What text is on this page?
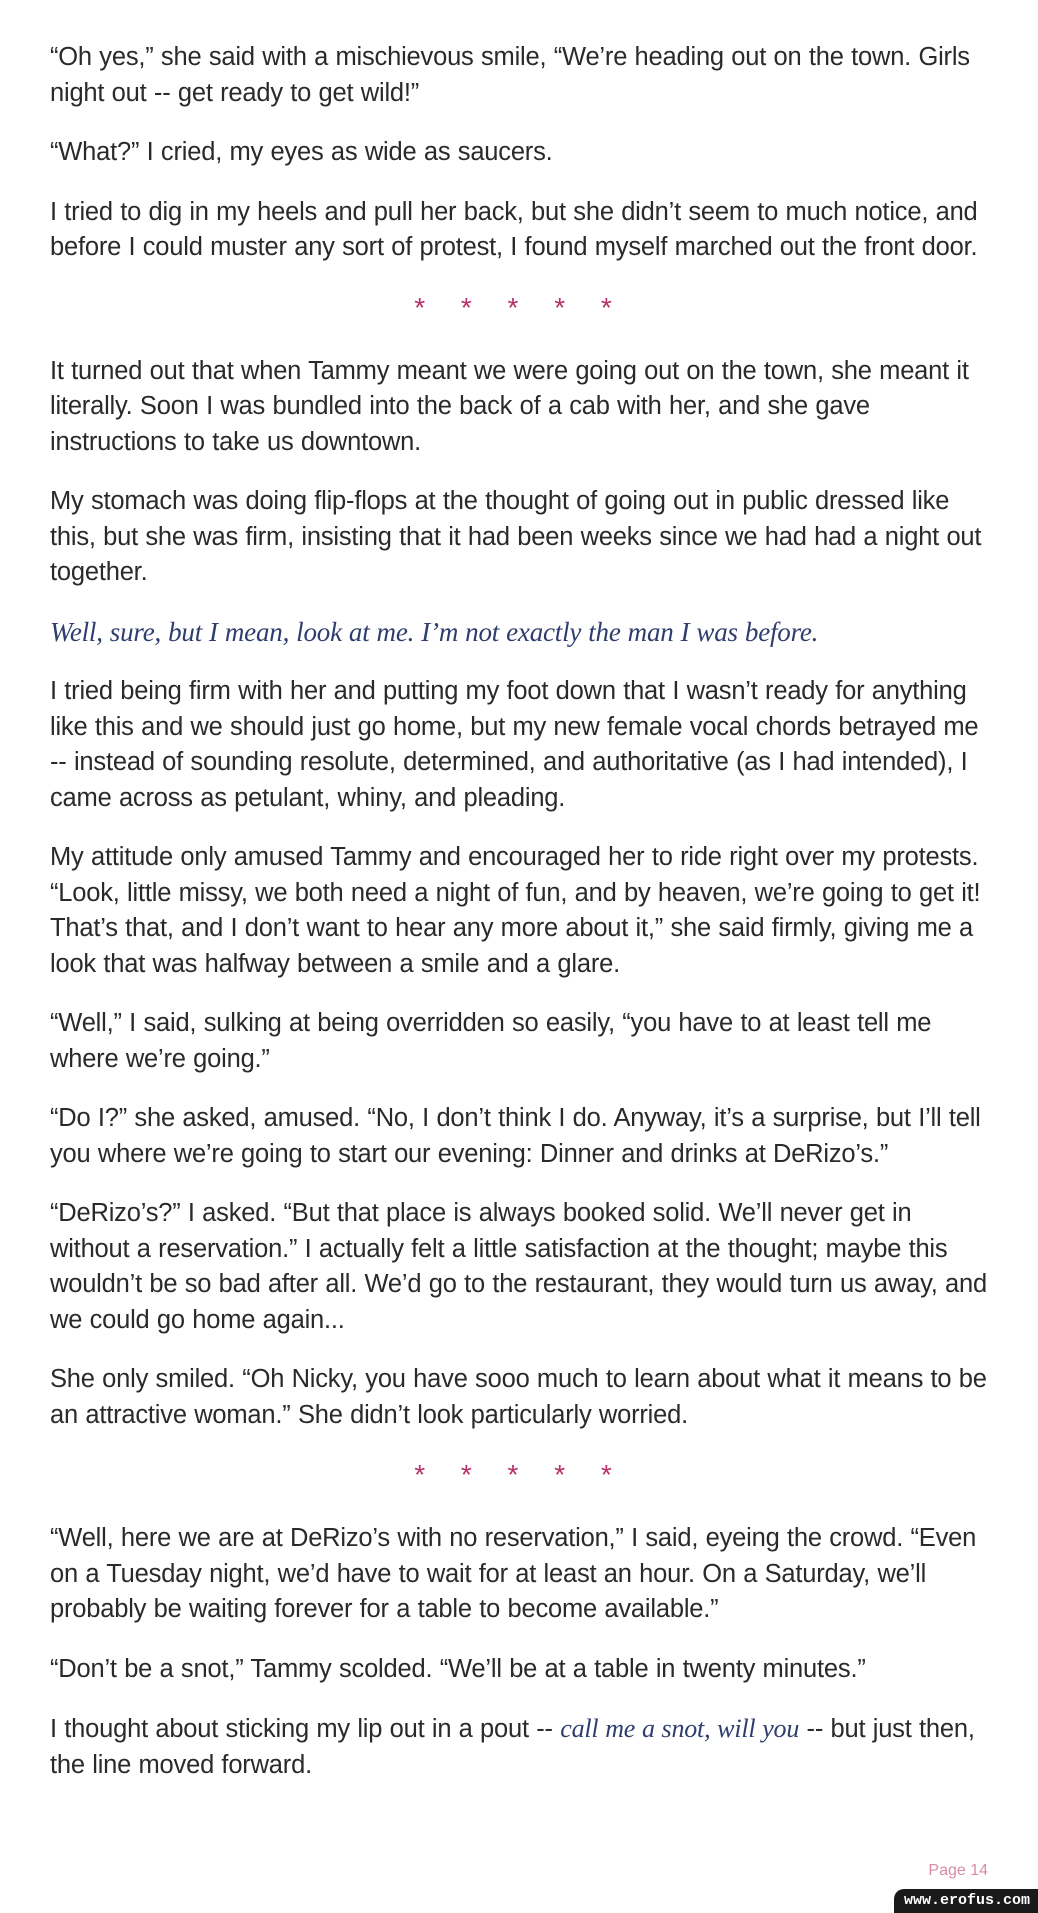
“Oh yes,” she said with a mischievous smile, “We’re heading out on the town. Girls night out -- get ready to get wild!”

“What?” I cried, my eyes as wide as saucers.

I tried to dig in my heels and pull her back, but she didn’t seem to much notice, and before I could muster any sort of protest, I found myself marched out the front door.

* * * * *

It turned out that when Tammy meant we were going out on the town, she meant it literally. Soon I was bundled into the back of a cab with her, and she gave instructions to take us downtown.

My stomach was doing flip-flops at the thought of going out in public dressed like this, but she was firm, insisting that it had been weeks since we had had a night out together.

Well, sure, but I mean, look at me. I’m not exactly the man I was before.

I tried being firm with her and putting my foot down that I wasn’t ready for anything like this and we should just go home, but my new female vocal chords betrayed me -- instead of sounding resolute, determined, and authoritative (as I had intended), I came across as petulant, whiny, and pleading.

My attitude only amused Tammy and encouraged her to ride right over my protests. “Look, little missy, we both need a night of fun, and by heaven, we’re going to get it! That’s that, and I don’t want to hear any more about it,” she said firmly, giving me a look that was halfway between a smile and a glare.

“Well,” I said, sulking at being overridden so easily, “you have to at least tell me where we’re going.”

“Do I?” she asked, amused. “No, I don’t think I do. Anyway, it’s a surprise, but I’ll tell you where we’re going to start our evening: Dinner and drinks at DeRizo’s.”

“DeRizo’s?” I asked. “But that place is always booked solid. We’ll never get in without a reservation.” I actually felt a little satisfaction at the thought; maybe this wouldn’t be so bad after all. We’d go to the restaurant, they would turn us away, and we could go home again...

She only smiled. “Oh Nicky, you have sooo much to learn about what it means to be an attractive woman.” She didn’t look particularly worried.

* * * * *

“Well, here we are at DeRizo’s with no reservation,” I said, eyeing the crowd. “Even on a Tuesday night, we’d have to wait for at least an hour. On a Saturday, we’ll probably be waiting forever for a table to become available.”

“Don’t be a snot,” Tammy scolded. “We’ll be at a table in twenty minutes.”

I thought about sticking my lip out in a pout -- call me a snot, will you -- but just then, the line moved forward.

Page 14
www.erofus.com
